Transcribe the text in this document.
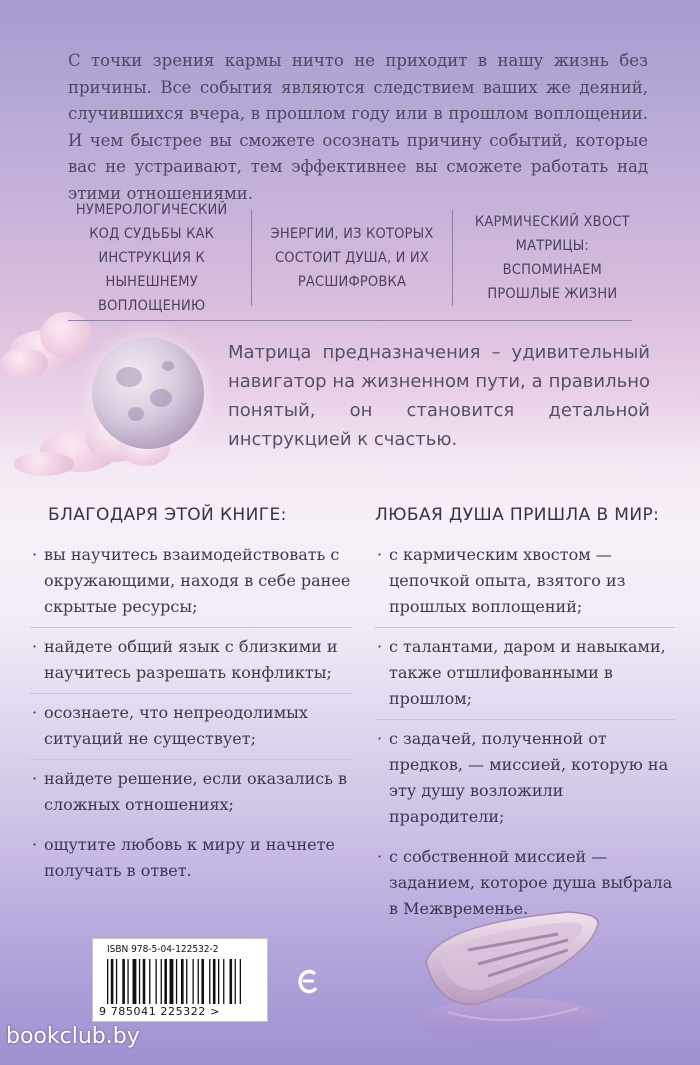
С точки зрения кармы ничто не приходит в нашу жизнь без причины. Все события являются следствием ваших же деяний, случившихся вчера, в прошлом году или в прошлом воплощении. И чем быстрее вы сможете осознать причину событий, которые вас не устраивают, тем эффективнее вы сможете работать над этими отношениями.

НУМЕРОЛОГИЧЕСКИЙ КОД СУДЬБЫ КАК ИНСТРУКЦИЯ К НЫНЕШНЕМУ ВОПЛОЩЕНИЮ
ЭНЕРГИИ, ИЗ КОТОРЫХ СОСТОИТ ДУША, И ИХ РАСШИФРОВКА
КАРМИЧЕСКИЙ ХВОСТ МАТРИЦЫ: ВСПОМИНАЕМ ПРОШЛЫЕ ЖИЗНИ

Матрица предназначения – удивительный навигатор на жизненном пути, а правильно понятый, он становится детальной инструкцией к счастью.

БЛАГОДАРЯ ЭТОЙ КНИГЕ:
· вы научитесь взаимодействовать с окружающими, находя в себе ранее скрытые ресурсы;
· найдете общий язык с близкими и научитесь разрешать конфликты;
· осознаете, что непреодолимых ситуаций не существует;
· найдете решение, если оказались в сложных отношениях;
· ощутите любовь к миру и начнете получать в ответ.
ЛЮБАЯ ДУША ПРИШЛА В МИР:
· с кармическим хвостом — цепочкой опыта, взятого из прошлых воплощений;
· с талантами, даром и навыками, также отшлифованными в прошлом;
· с задачей, полученной от предков, — миссией, которую на эту душу возложили прародители;
· с собственной миссией — заданием, которое душа выбрала в Межвременье.
ISBN 978-5-04-122532-2
9 785041 225322 >
bookclub.by
